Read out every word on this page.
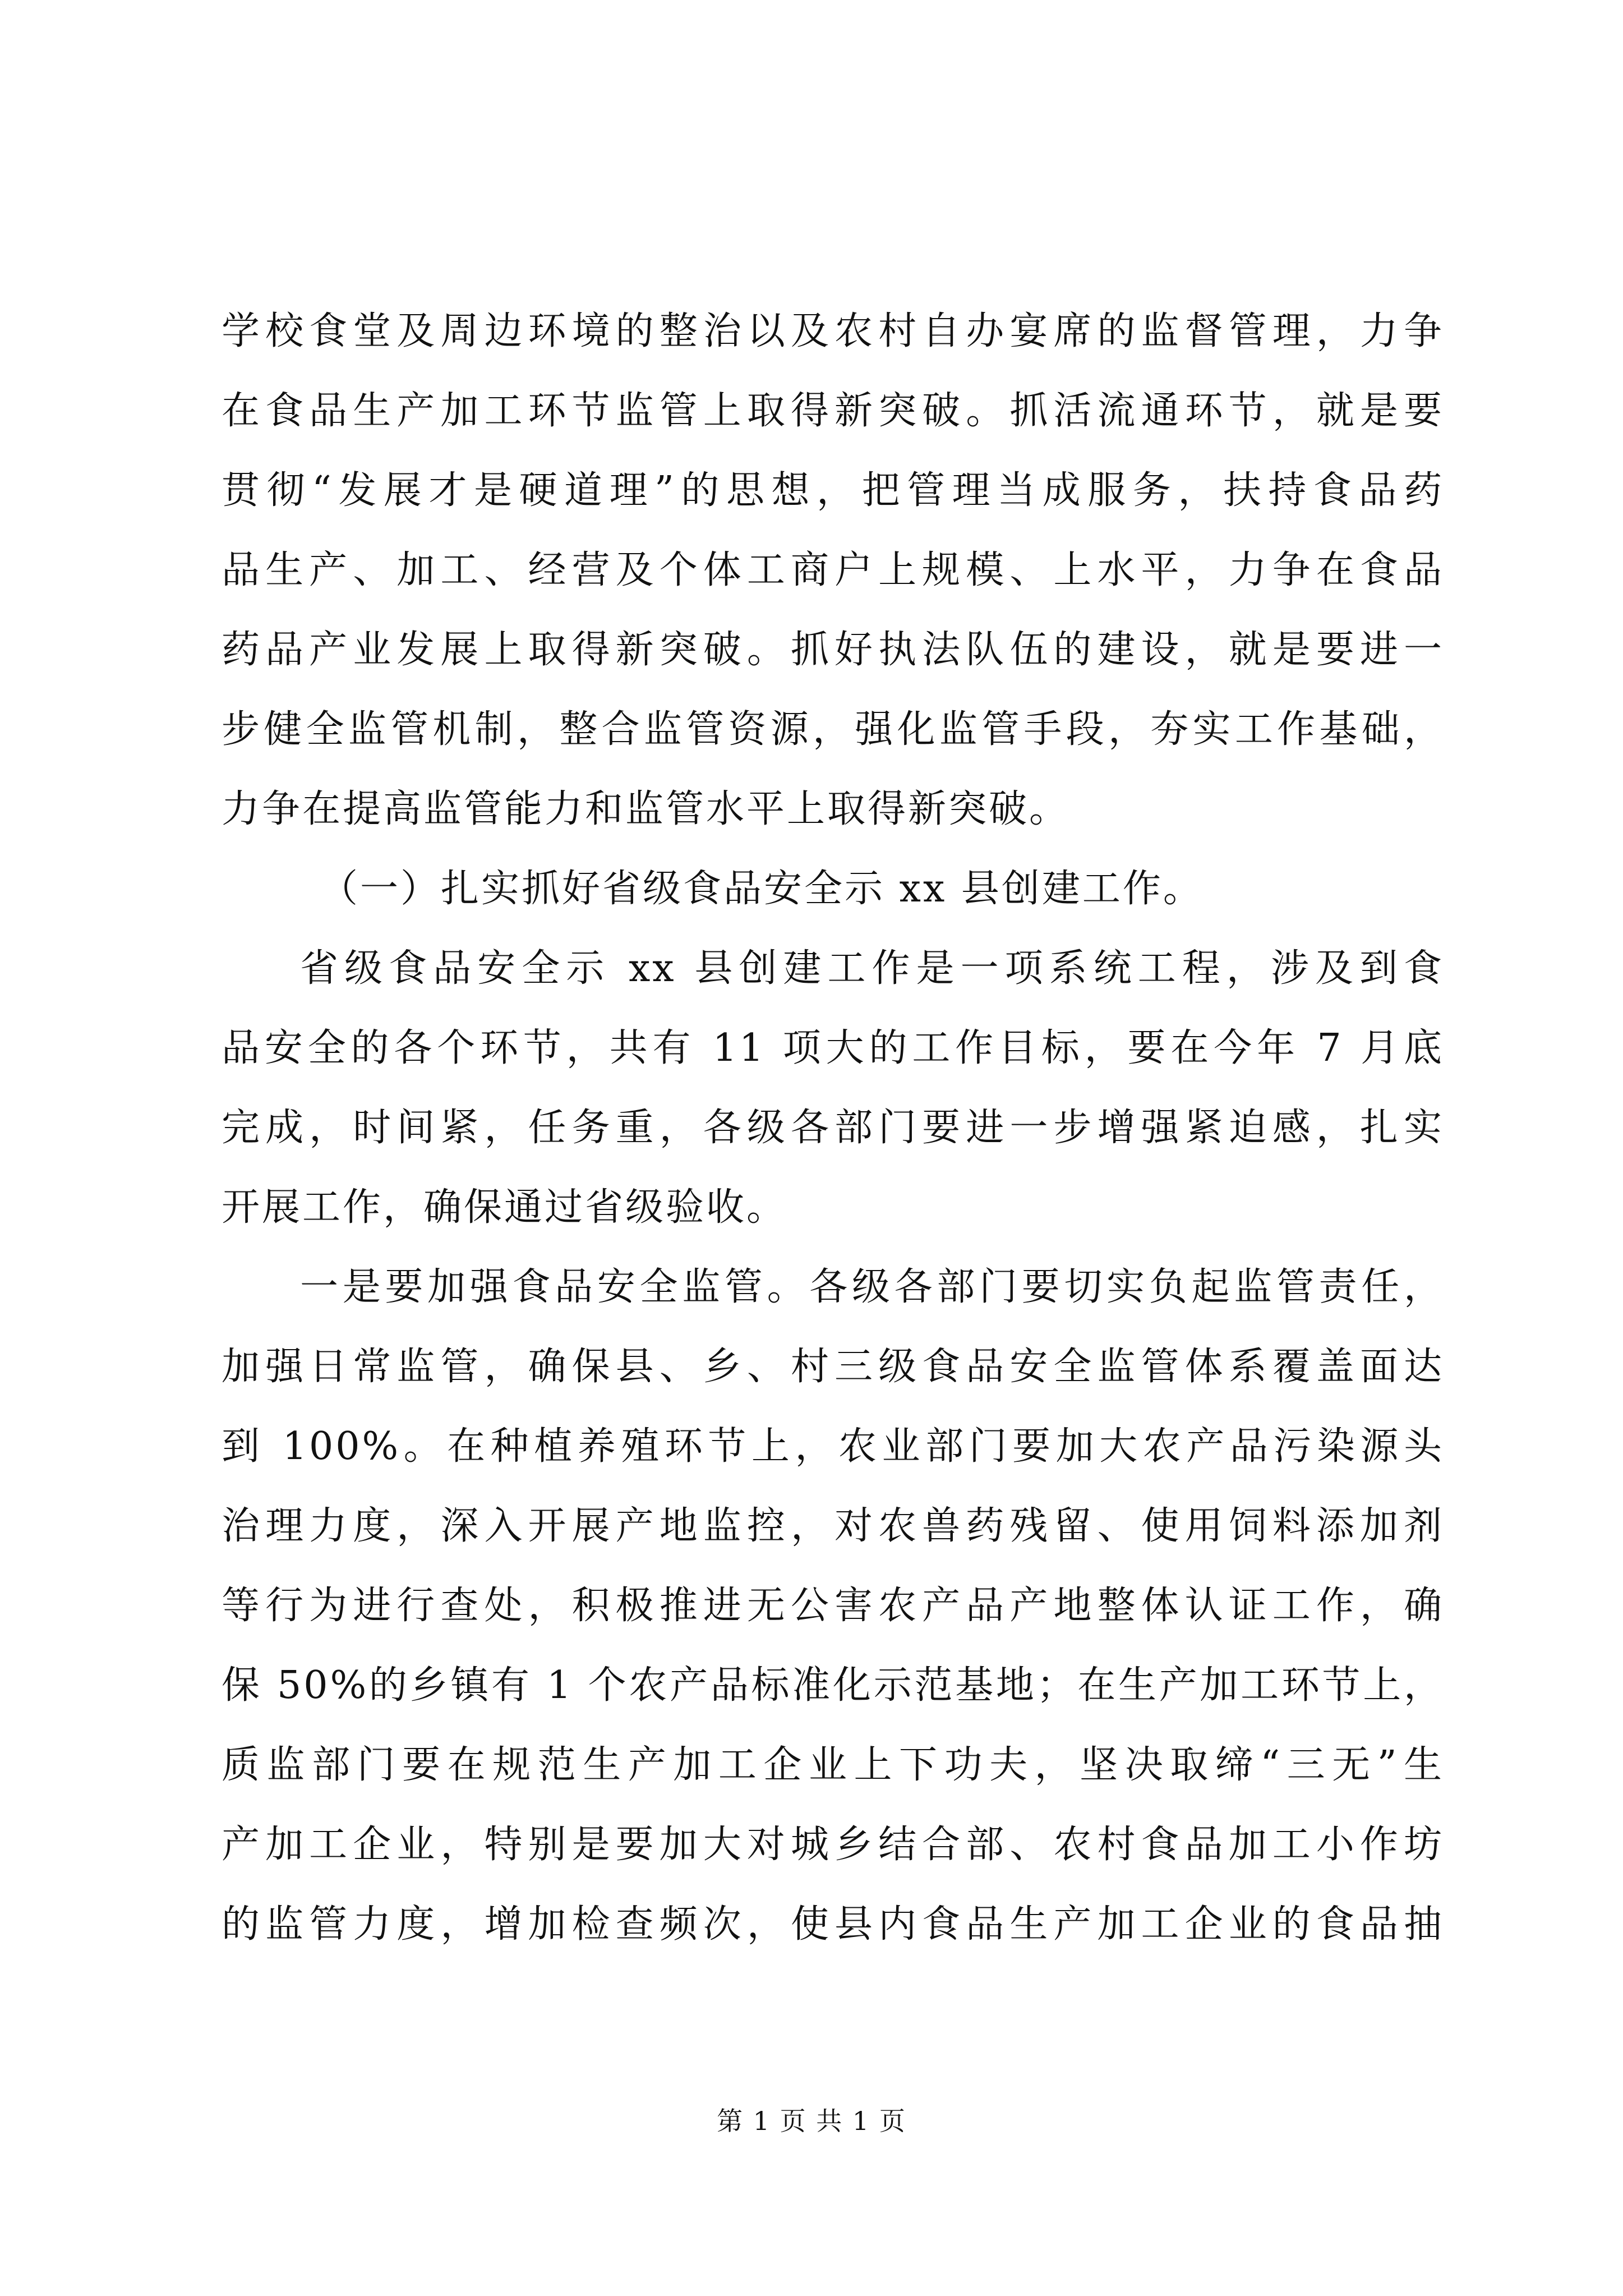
学校食堂及周边环境的整治以及农村自办宴席的监督管理，力争
在食品生产加工环节监管上取得新突破。抓活流通环节，就是要
贯彻“发展才是硬道理”的思想，把管理当成服务，扶持食品药
品生产、加工、经营及个体工商户上规模、上水平，力争在食品
药品产业发展上取得新突破。抓好执法队伍的建设，就是要进一
步健全监管机制，整合监管资源，强化监管手段，夯实工作基础，
力争在提高监管能力和监管水平上取得新突破。
（一）扎实抓好省级食品安全示 xx 县创建工作。
省级食品安全示 xx 县创建工作是一项系统工程，涉及到食
品安全的各个环节，共有 11 项大的工作目标，要在今年 7 月底
完成，时间紧，任务重，各级各部门要进一步增强紧迫感，扎实
开展工作，确保通过省级验收。
一是要加强食品安全监管。各级各部门要切实负起监管责任，
加强日常监管，确保县、乡、村三级食品安全监管体系覆盖面达
到 100%。在种植养殖环节上，农业部门要加大农产品污染源头
治理力度，深入开展产地监控，对农兽药残留、使用饲料添加剂
等行为进行查处，积极推进无公害农产品产地整体认证工作，确
保 50%的乡镇有 1 个农产品标准化示范基地；在生产加工环节上，
质监部门要在规范生产加工企业上下功夫，坚决取缔“三无”生
产加工企业，特别是要加大对城乡结合部、农村食品加工小作坊
的监管力度，增加检查频次，使县内食品生产加工企业的食品抽
第 1 页 共 1 页
